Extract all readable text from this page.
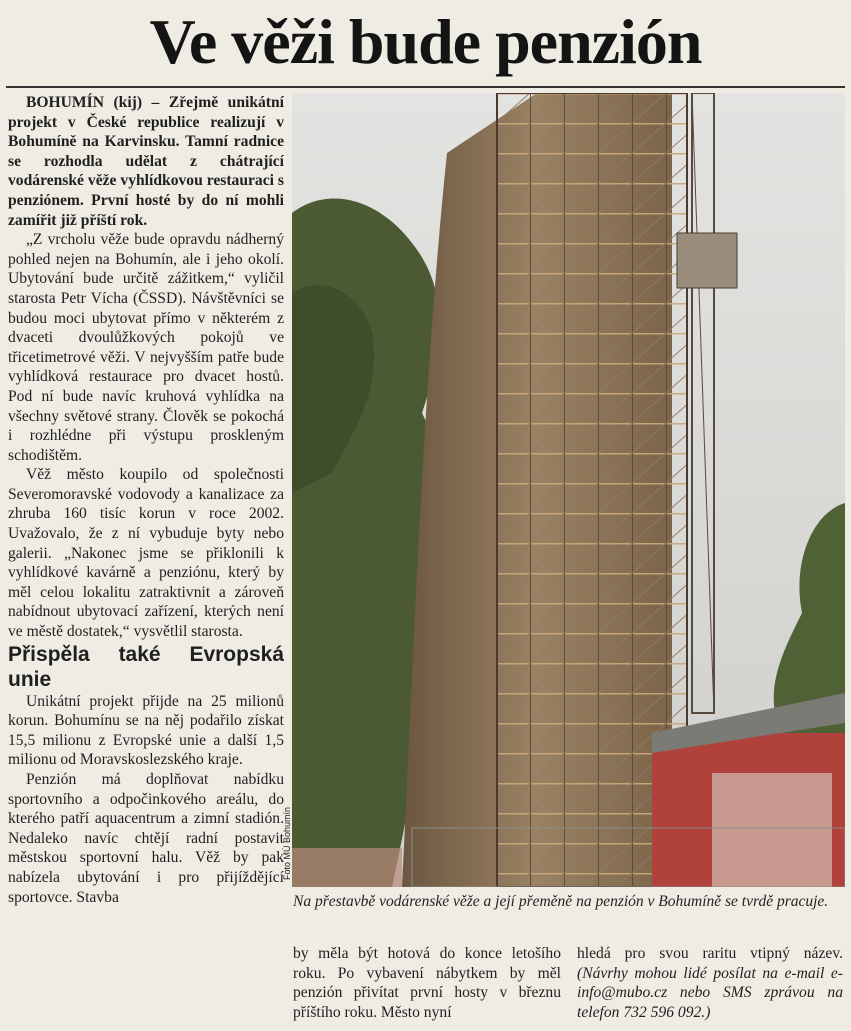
Ve věži bude penzión

BOHUMÍN (kij) – Zřejmě unikátní projekt v České republice realizují v Bohumíně na Karvinsku. Tamní radnice se rozhodla udělat z chátrající vodárenské věže vyhlídkovou restauraci s penziónem. První hosté by do ní mohli zamířit již příští rok.

„Z vrcholu věže bude opravdu nádherný pohled nejen na Bohumín, ale i jeho okolí. Ubytování bude určitě zážitkem,“ vyličil starosta Petr Vícha (ČSSD). Návštěvníci se budou moci ubytovat přímo v některém z dvaceti dvoulůžkových pokojů ve třicetimetrové věži. V nejvyšším patře bude vyhlídková restaurace pro dvacet hostů. Pod ní bude navíc kruhová vyhlídka na všechny světové strany. Člověk se pokochá i rozhlédne při výstupu proskleným schodištěm.

Věž město koupilo od společnosti Severomoravské vodovody a kanalizace za zhruba 160 tisíc korun v roce 2002. Uvažovalo, že z ní vybuduje byty nebo galerii. „Nakonec jsme se přiklonili k vyhlídkové kavárně a penziónu, který by měl celou lokalitu zatraktivnit a zároveň nabídnout ubytovací zařízení, kterých není ve městě dostatek,“ vysvětlil starosta.

Přispěla také Evropská unie

Unikátní projekt přijde na 25 milionů korun. Bohumínu se na něj podařilo získat 15,5 milionu z Evropské unie a další 1,5 milionu od Moravskoslezského kraje.

Penzión má doplňovat nabídku sportovního a odpočinkového areálu, do kterého patří aquacentrum a zimní stadión. Nedaleko navíc chtějí radní postavit městskou sportovní halu. Věž by pak nabízela ubytování i pro přijíždějící sportovce. Stavba

Foto MÚ Bohumín
Na přestavbě vodárenské věže a její přeměně na penzión v Bohumíně se tvrdě pracuje.
by měla být hotová do konce letošího roku. Po vybavení nábytkem by měl penzión přivítat první hosty v březnu příštího roku. Město nyní
hledá pro svou raritu vtipný název. (Návrhy mohou lidé posílat na e-mail e-info@mubo.cz nebo SMS zprávou na telefon 732 596 092.)
